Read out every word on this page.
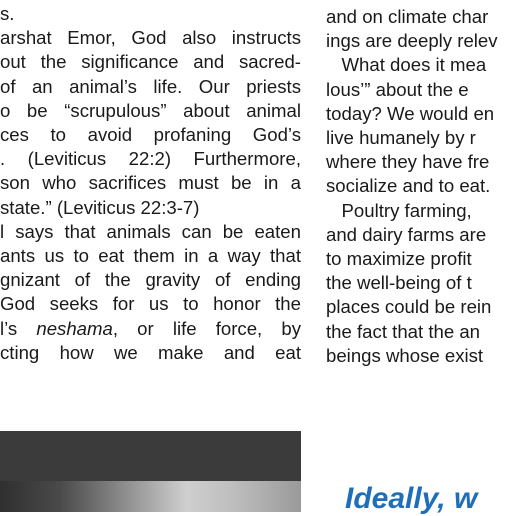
s.
arshat Emor, God also instructs
out the significance and sacred-
of an animal’s life. Our priests
o be “scrupulous” about animal
ces to avoid profaning God’s
. (Leviticus 22:2) Furthermore,
son who sacrifices must be in a
state.” (Leviticus 22:3-7)
l says that animals can be eaten
ants us to eat them in a way that
gnizant of the gravity of ending
God seeks for us to honor the
l’s neshama, or life force, by
cting how we make and eat
and on climate char
ings are deeply relev
What does it mea
lous’” about the e
today? We would en
live humanely by r
where they have fre
socialize and to eat.
Poultry farming,
and dairy farms are
to maximize profit
the well-being of t
places could be rein
the fact that the an
beings whose exist
Ideally, w
